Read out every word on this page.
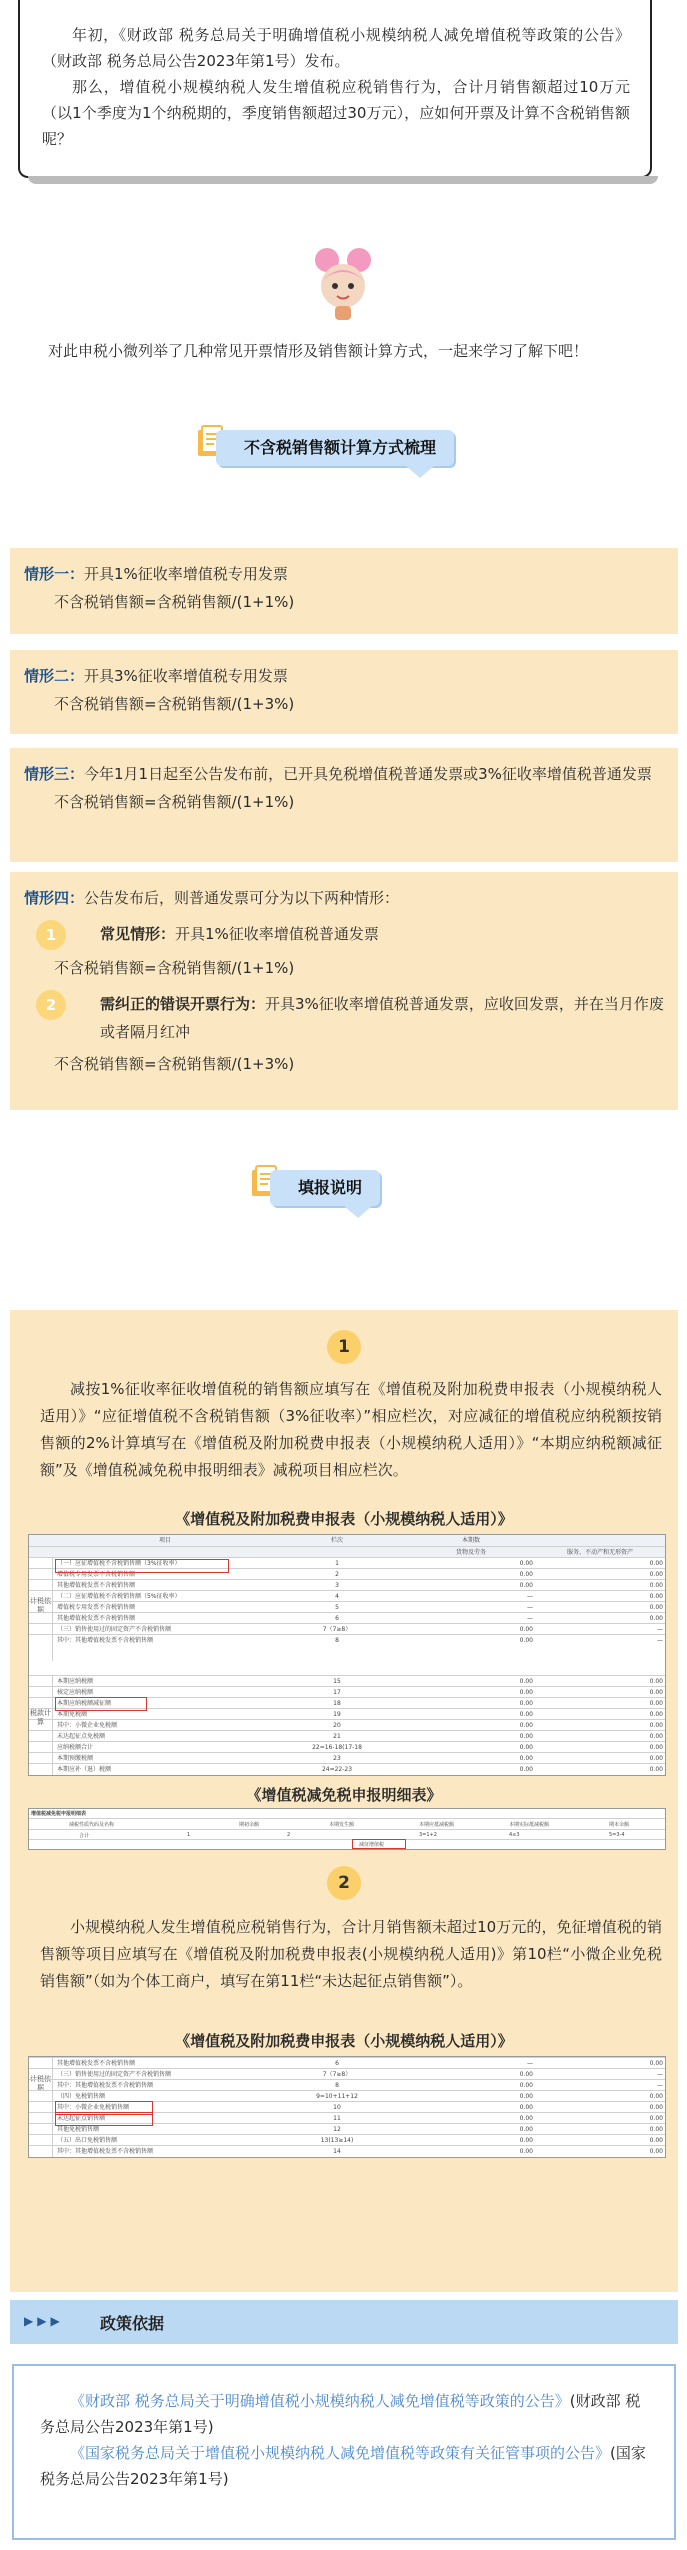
年初，《财政部 税务总局关于明确增值税小规模纳税人减免增值税等政策的公告》（财政部 税务总局公告2023年第1号）发布。

那么，增值税小规模纳税人发生增值税应税销售行为，合计月销售额超过10万元（以1个季度为1个纳税期的，季度销售额超过30万元），应如何开票及计算不含税销售额呢？

对此申税小微列举了几种常见开票情形及销售额计算方式，一起来学习了解下吧！

不含税销售额计算方式梳理
情形一：开具1%征收率增值税专用发票
不含税销售额=含税销售额/(1+1%)
情形二：开具3%征收率增值税专用发票
不含税销售额=含税销售额/(1+3%)
情形三：今年1月1日起至公告发布前，已开具免税增值税普通发票或3%征收率增值税普通发票
不含税销售额=含税销售额/(1+1%)
情形四：公告发布后，则普通发票可分为以下两种情形：
1	常见情形：开具1%征收率增值税普通发票
不含税销售额=含税销售额/(1+1%)
2	需纠正的错误开票行为：开具3%征收率增值税普通发票，应收回发票，并在当月作废或者隔月红冲
不含税销售额=含税销售额/(1+3%)
填报说明
1

减按1%征收率征收增值税的销售额应填写在《增值税及附加税费申报表（小规模纳税人适用）》“应征增值税不含税销售额（3%征收率）”相应栏次，对应减征的增值税应纳税额按销售额的2%计算填写在《增值税及附加税费申报表（小规模纳税人适用）》“本期应纳税额减征额”及《增值税减免税申报明细表》减税项目相应栏次。

《增值税及附加税费申报表（小规模纳税人适用）》
项目	栏次	本期数
货物及劳务	服务、不动产和无形资产
计税依据
（一）应征增值税不含税销售额（3%征收率）	1	0.00	0.00
增值税专用发票不含税销售额	2	0.00	0.00
其他增值税发票不含税销售额	3	0.00	0.00
（二）应征增值税不含税销售额（5%征收率）	4	—	0.00
增值税专用发票不含税销售额	5	—	0.00
其他增值税发票不含税销售额	6	—	0.00
（三）销售使用过的固定资产不含税销售额	7（7≥8）	0.00	—
其中：其他增值税发票不含税销售额	8	0.00	—
本期应纳税额	15	0.00	0.00
核定应纳税额	17	0.00	0.00
本期应纳税额减征额	18	0.00	0.00
本期免税额	19	0.00	0.00
其中：小微企业免税额	20	0.00	0.00
未达起征点免税额	21	0.00	0.00
应纳税额合计	22=16-18(17-18	0.00	0.00
本期预缴税额	23	0.00	0.00
本期应补（退）税额	24=22-23	0.00	0.00
税款计算
《增值税减免税申报明细表》
增值税减免税申报明细表
减税性质代码及名称	期初余额	本期发生额	本期应抵减税额	本期实际抵减税额	期末余额
合计	1	2	3=1+2	4≤3	5=3-4
减征增值税
2

小规模纳税人发生增值税应税销售行为，合计月销售额未超过10万元的，免征增值税的销售额等项目应填写在《增值税及附加税费申报表(小规模纳税人适用)》第10栏“小微企业免税销售额”（如为个体工商户，填写在第11栏“未达起征点销售额”）。

《增值税及附加税费申报表（小规模纳税人适用）》
计税依据
其他增值税发票不含税销售额	6	—	0.00
（三）销售使用过的固定资产不含税销售额	7（7≥8）	0.00	—
其中：其他增值税发票不含税销售额	8	0.00	—
（四）免税销售额	9=10+11+12	0.00	0.00
其中：小微企业免税销售额	10	0.00	0.00
未达起征点销售额	11	0.00	0.00
其他免税销售额	12	0.00	0.00
（五）出口免税销售额	13(13≥14)	0.00	0.00
其中：其他增值税发票不含税销售额	14	0.00	0.00
▶▶▶ 政策依据

《财政部 税务总局关于明确增值税小规模纳税人减免增值税等政策的公告》(财政部 税务总局公告2023年第1号)

《国家税务总局关于增值税小规模纳税人减免增值税等政策有关征管事项的公告》(国家税务总局公告2023年第1号)
